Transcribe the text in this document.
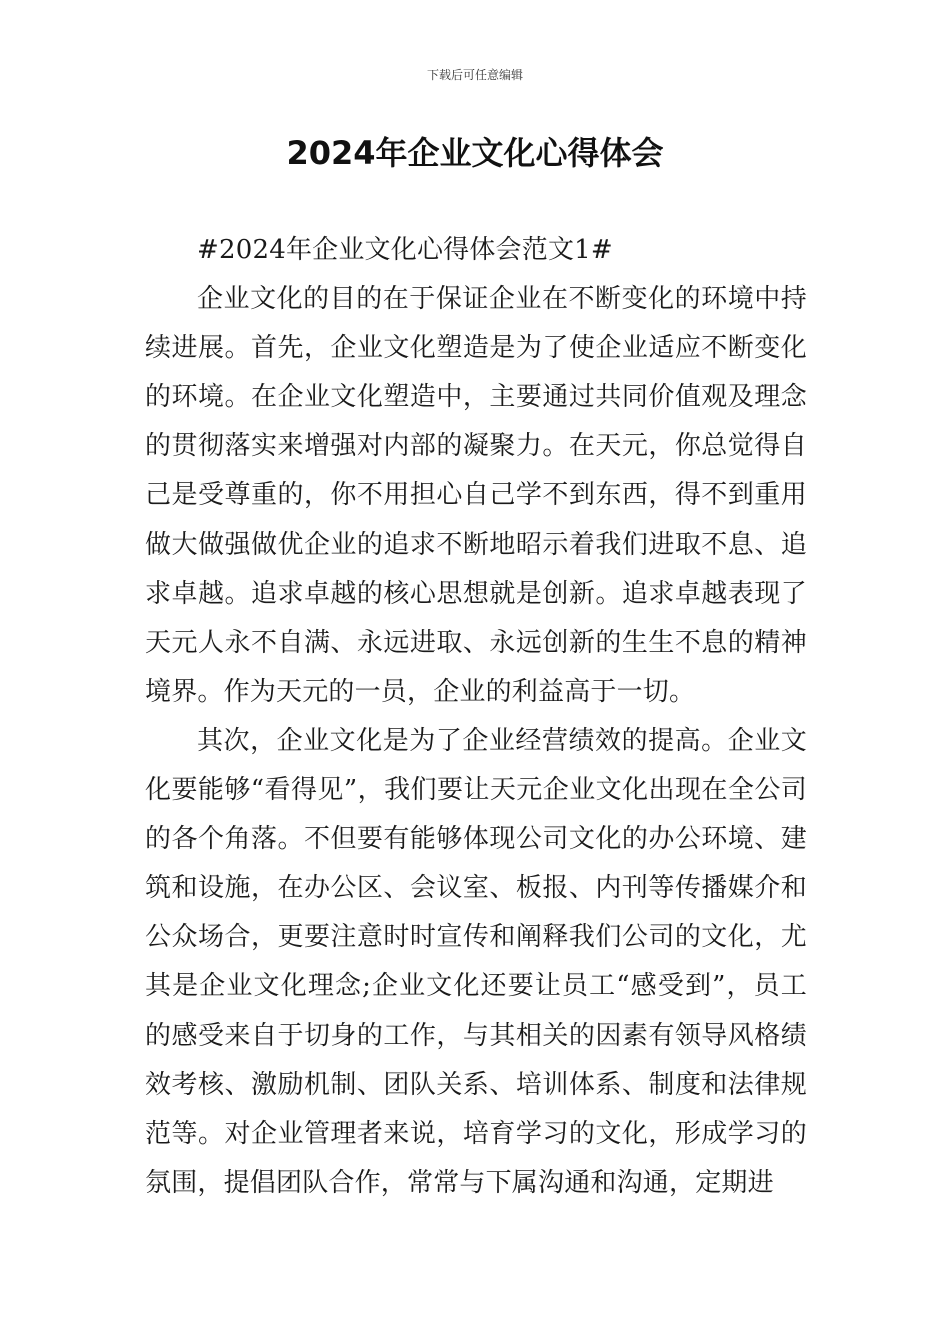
下载后可任意编辑
2024年企业文化心得体会

#2024年企业文化心得体会范文1#

企业文化的目的在于保证企业在不断变化的环境中持续进展。首先，企业文化塑造是为了使企业适应不断变化的环境。在企业文化塑造中，主要通过共同价值观及理念的贯彻落实来增强对内部的凝聚力。在天元，你总觉得自己是受尊重的，你不用担心自己学不到东西，得不到重用做大做强做优企业的追求不断地昭示着我们进取不息、追求卓越。追求卓越的核心思想就是创新。追求卓越表现了天元人永不自满、永远进取、永远创新的生生不息的精神境界。作为天元的一员，企业的利益高于一切。

其次，企业文化是为了企业经营绩效的提高。企业文化要能够“看得见”，我们要让天元企业文化出现在全公司的各个角落。不但要有能够体现公司文化的办公环境、建筑和设施，在办公区、会议室、板报、内刊等传播媒介和公众场合，更要注意时时宣传和阐释我们公司的文化，尤其是企业文化理念;企业文化还要让员工“感受到”，员工的感受来自于切身的工作，与其相关的因素有领导风格绩效考核、激励机制、团队关系、培训体系、制度和法律规范等。对企业管理者来说，培育学习的文化，形成学习的氛围，提倡团队合作，常常与下属沟通和沟通，定期进
